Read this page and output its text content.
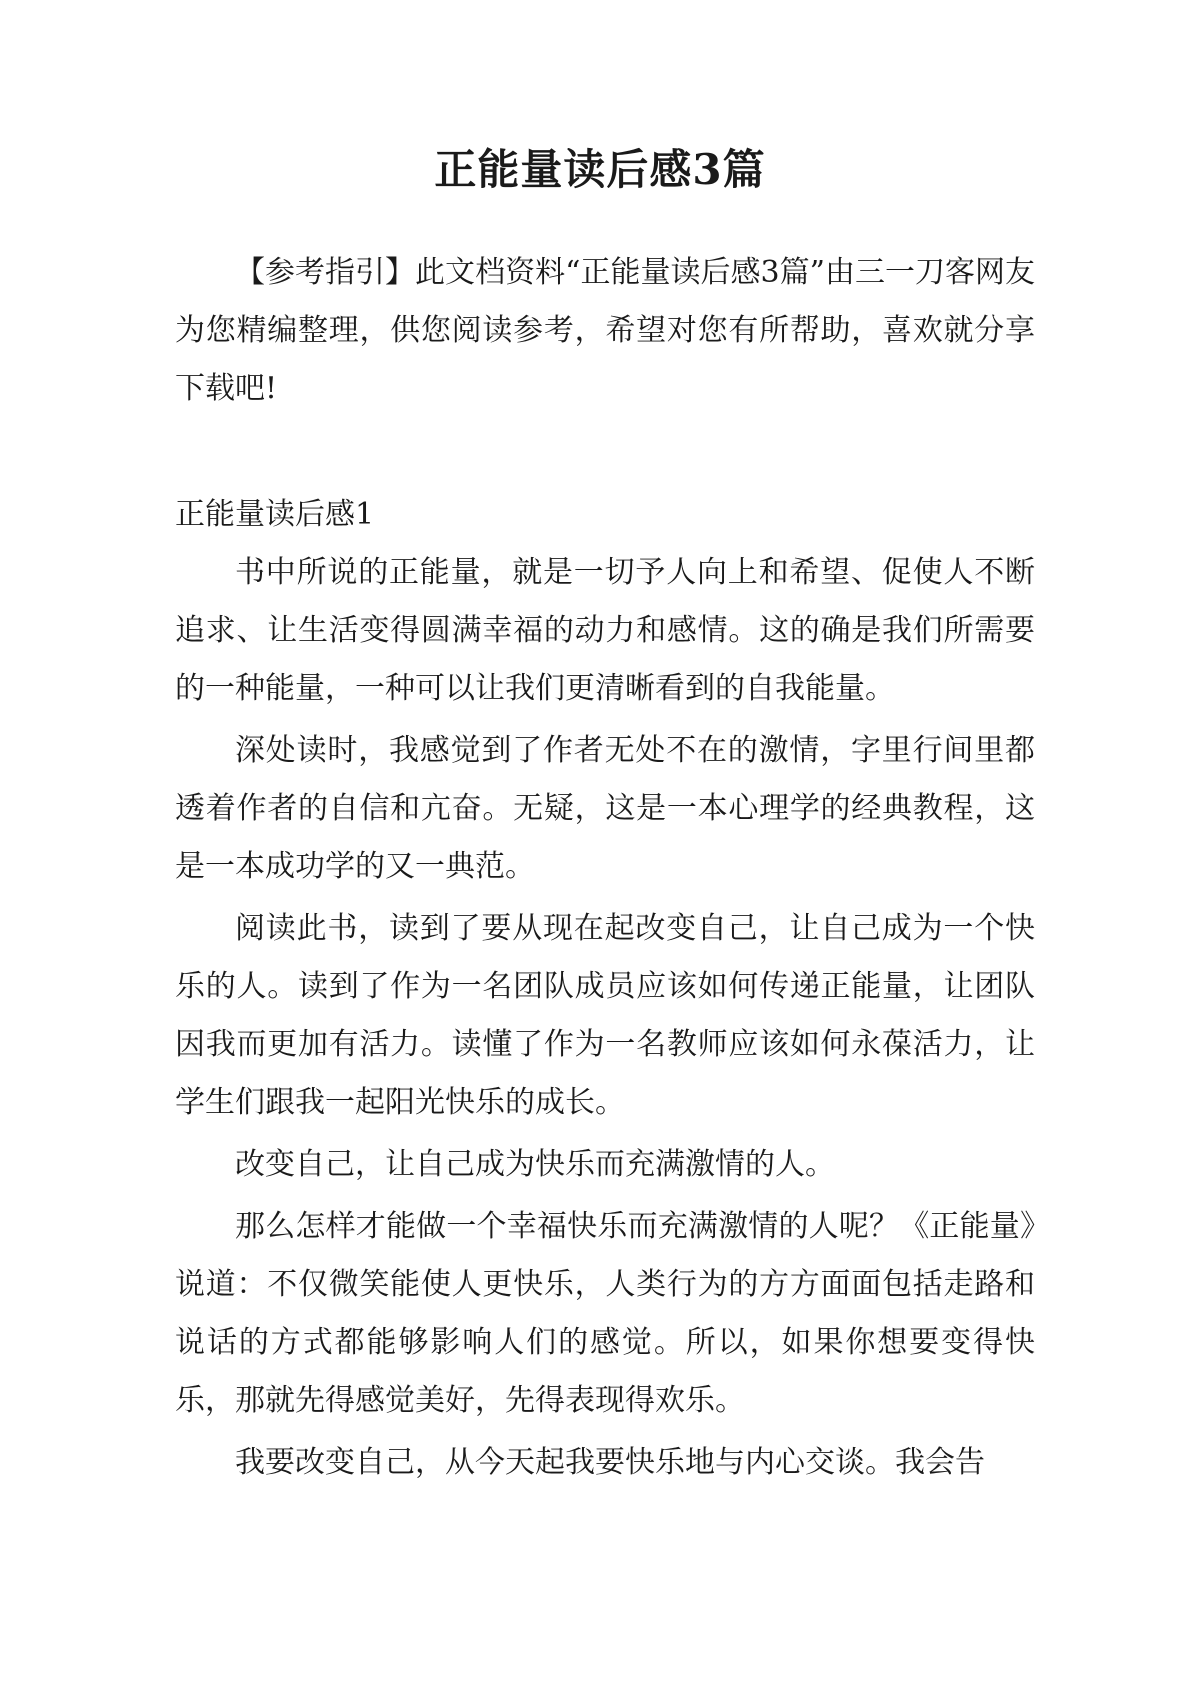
正能量读后感3篇

【参考指引】此文档资料“正能量读后感3篇”由三一刀客网友为您精编整理，供您阅读参考，希望对您有所帮助，喜欢就分享下载吧!

正能量读后感1

书中所说的正能量，就是一切予人向上和希望、促使人不断追求、让生活变得圆满幸福的动力和感情。这的确是我们所需要的一种能量，一种可以让我们更清晰看到的自我能量。

深处读时，我感觉到了作者无处不在的激情，字里行间里都透着作者的自信和亢奋。无疑，这是一本心理学的经典教程，这是一本成功学的又一典范。

阅读此书，读到了要从现在起改变自己，让自己成为一个快乐的人。读到了作为一名团队成员应该如何传递正能量，让团队因我而更加有活力。读懂了作为一名教师应该如何永葆活力，让学生们跟我一起阳光快乐的成长。

改变自己，让自己成为快乐而充满激情的人。

那么怎样才能做一个幸福快乐而充满激情的人呢？《正能量》说道：不仅微笑能使人更快乐，人类行为的方方面面包括走路和说话的方式都能够影响人们的感觉。所以，如果你想要变得快乐，那就先得感觉美好，先得表现得欢乐。

我要改变自己，从今天起我要快乐地与内心交谈。我会告
